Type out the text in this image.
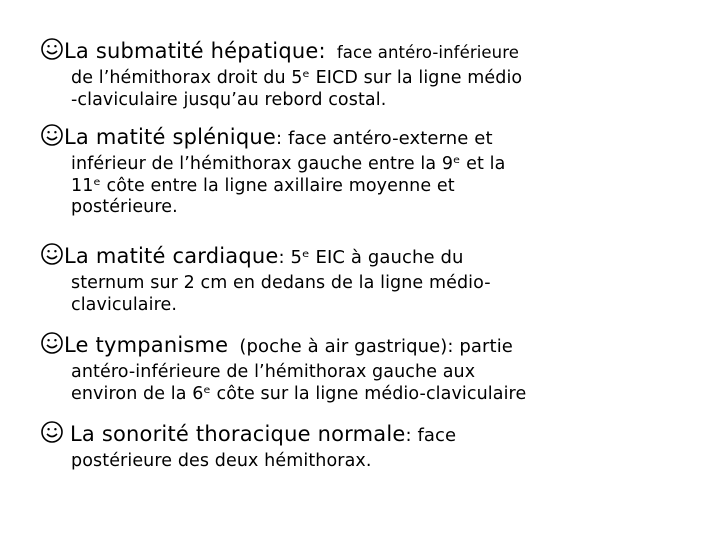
La submatité hépatique: face antéro-inférieure
de l’hémithorax droit du 5ᵉ EICD sur la ligne médio
-claviculaire jusqu’au rebord costal.
La matité splénique: face antéro-externe et
inférieur de l’hémithorax gauche entre la 9ᵉ et la
11ᵉ côte entre la ligne axillaire moyenne et
postérieure.
La matité cardiaque: 5ᵉ EIC à gauche du
sternum sur 2 cm en dedans de la ligne médio-
claviculaire.
Le tympanisme (poche à air gastrique): partie
antéro-inférieure de l’hémithorax gauche aux
environ de la 6ᵉ côte sur la ligne médio-claviculaire
La sonorité thoracique normale: face
postérieure des deux hémithorax.
